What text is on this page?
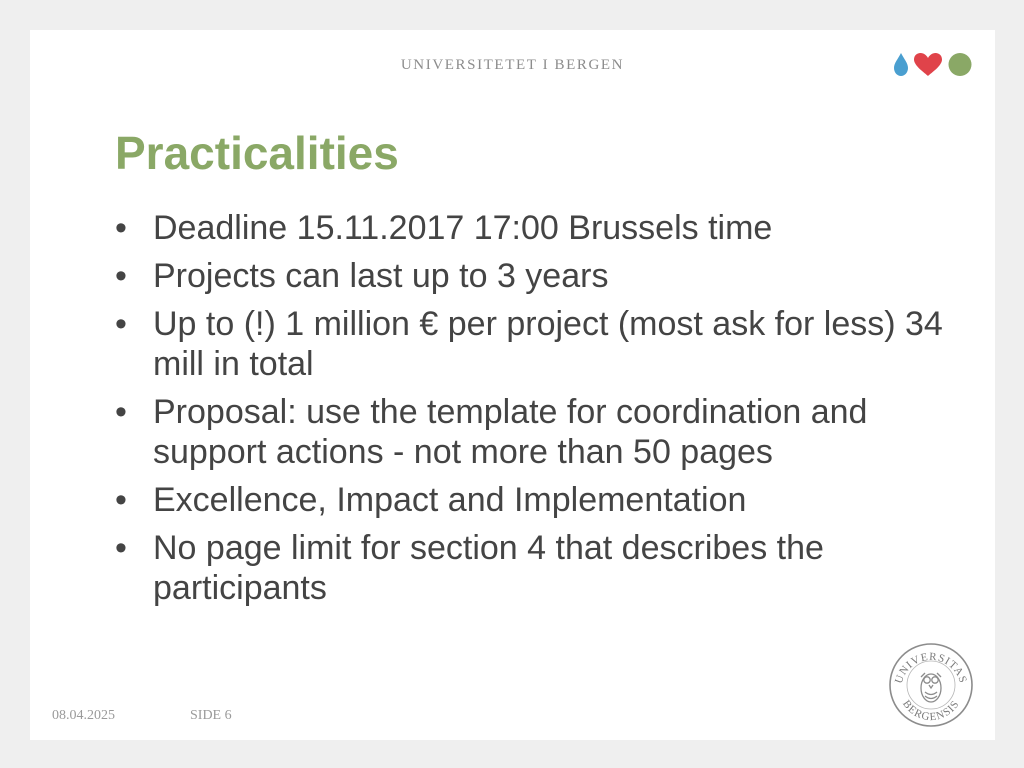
UNIVERSITETET I BERGEN
Practicalities
• Deadline 15.11.2017 17:00 Brussels time
• Projects can last up to 3 years
• Up to (!) 1 million € per project (most ask for less) 34 mill in total
• Proposal: use the template for coordination and support actions - not more than 50 pages
• Excellence, Impact and Implementation
• No page limit for section 4 that describes the participants
08.04.2025	SIDE 6
UNIVERSITAS
BERGENSIS
